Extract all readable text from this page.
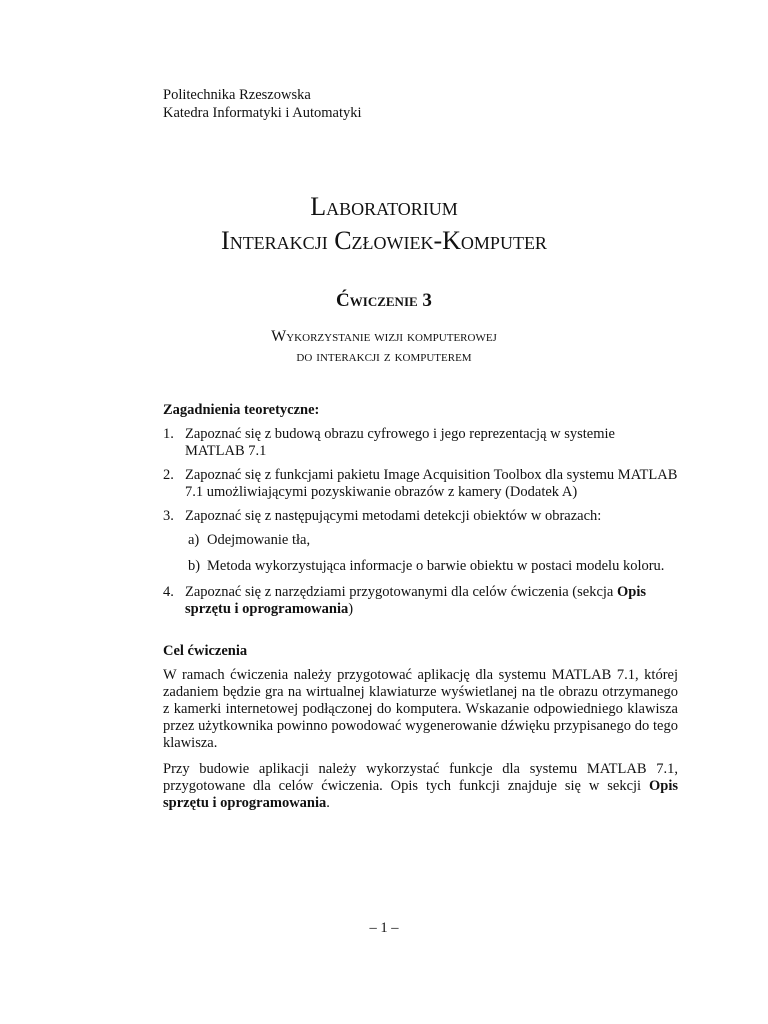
Politechnika Rzeszowska
Katedra Informatyki i Automatyki
Laboratorium
Interakcji Człowiek-Komputer
Ćwiczenie 3
Wykorzystanie wizji komputerowej
do interakcji z komputerem
Zagadnienia teoretyczne:
1. Zapoznać się z budową obrazu cyfrowego i jego reprezentacją w systemie MATLAB 7.1
2. Zapoznać się z funkcjami pakietu Image Acquisition Toolbox dla systemu MATLAB 7.1 umożliwiającymi pozyskiwanie obrazów z kamery (Dodatek A)
3. Zapoznać się z następującymi metodami detekcji obiektów w obrazach:
a) Odejmowanie tła,
b) Metoda wykorzystująca informacje o barwie obiektu w postaci modelu koloru.
4. Zapoznać się z narzędziami przygotowanymi dla celów ćwiczenia (sekcja Opis sprzętu i oprogramowania)
Cel ćwiczenia

W ramach ćwiczenia należy przygotować aplikację dla systemu MATLAB 7.1, której zadaniem będzie gra na wirtualnej klawiaturze wyświetlanej na tle obrazu otrzymanego z kamerki internetowej podłączonej do komputera. Wskazanie odpowiedniego klawisza przez użytkownika powinno powodować wygenerowanie dźwięku przypisanego do tego klawisza.

Przy budowie aplikacji należy wykorzystać funkcje dla systemu MATLAB 7.1, przygotowane dla celów ćwiczenia. Opis tych funkcji znajduje się w sekcji Opis sprzętu i oprogramowania.

– 1 –
